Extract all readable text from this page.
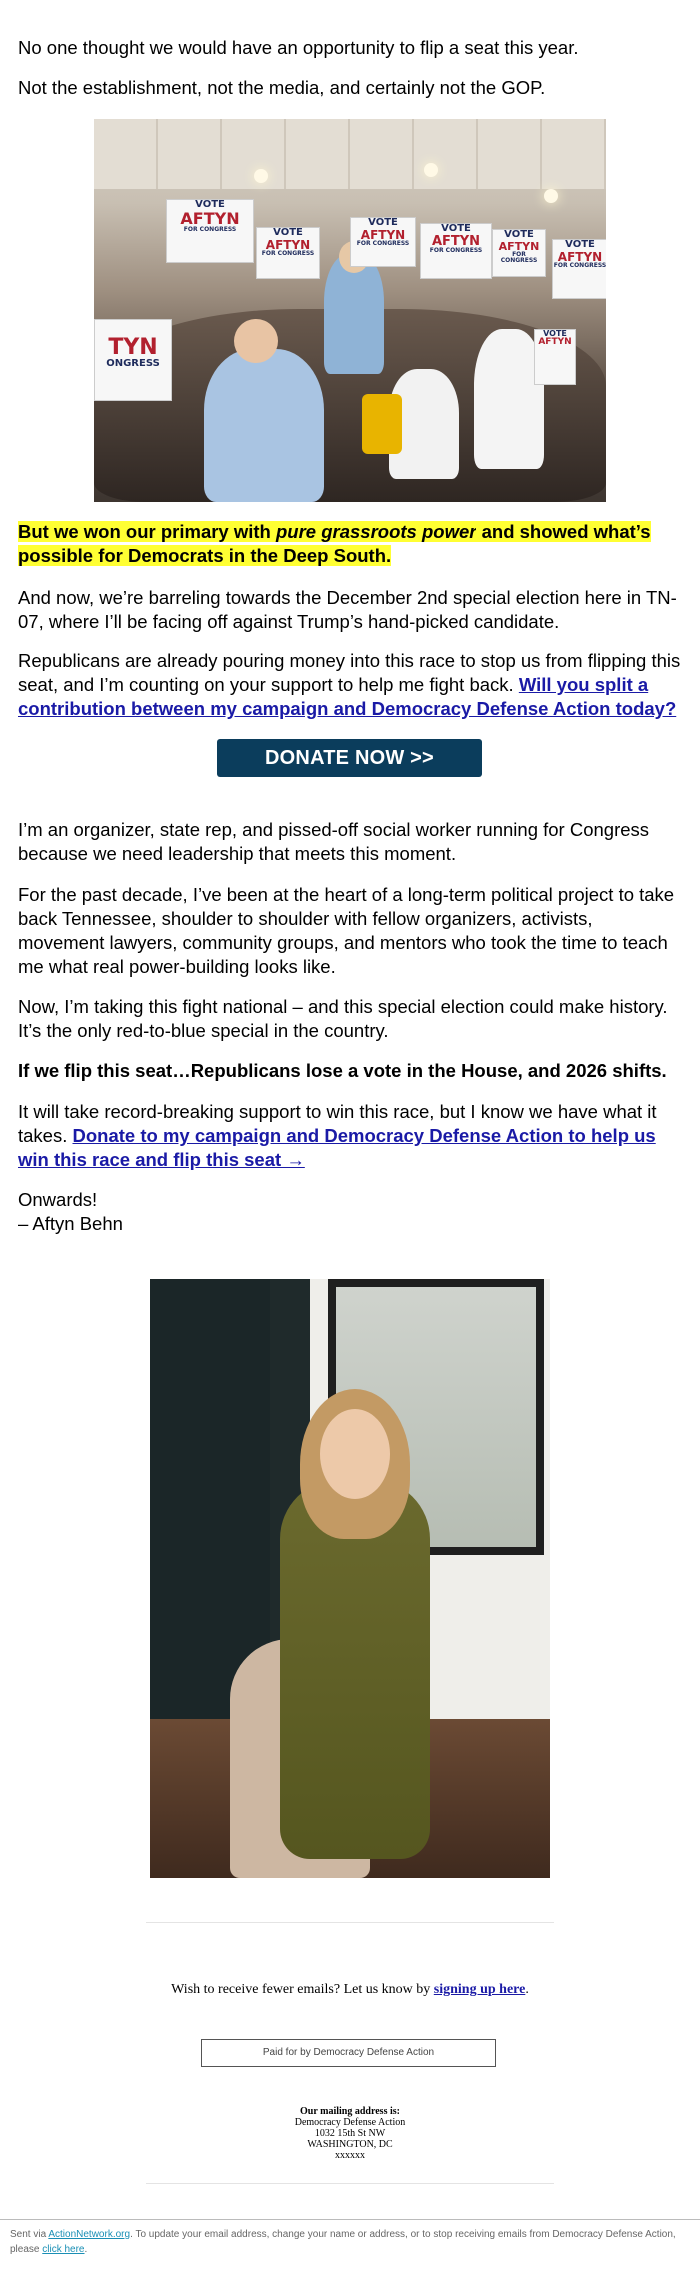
No one thought we would have an opportunity to flip a seat this year.

Not the establishment, not the media, and certainly not the GOP.

VOTE
AFTYN
FOR CONGRESS	VOTE
AFTYN
FOR CONGRESS
VOTE
AFTYN
FOR CONGRESS
VOTE
AFTYN
FOR CONGRESS
VOTE
AFTYN
FOR CONGRESS
VOTE
AFTYN
FOR CONGRESS
TYN
ONGRESS
VOTE
AFTYN

But we won our primary with pure grassroots power and showed what’s possible for Democrats in the Deep South.

And now, we’re barreling towards the December 2nd special election here in TN-07, where I’ll be facing off against Trump’s hand-picked candidate.

Republicans are already pouring money into this race to stop us from flipping this seat, and I’m counting on your support to help me fight back. Will you split a contribution between my campaign and Democracy Defense Action today?

DONATE NOW >>

I’m an organizer, state rep, and pissed-off social worker running for Congress because we need leadership that meets this moment.

For the past decade, I’ve been at the heart of a long-term political project to take back Tennessee, shoulder to shoulder with fellow organizers, activists, movement lawyers, community groups, and mentors who took the time to teach me what real power-building looks like.

Now, I’m taking this fight national – and this special election could make history. It’s the only red-to-blue special in the country.

If we flip this seat…Republicans lose a vote in the House, and 2026 shifts.

It will take record-breaking support to win this race, but I know we have what it takes. Donate to my campaign and Democracy Defense Action to help us win this race and flip this seat →

Onwards!

– Aftyn Behn

Wish to receive fewer emails? Let us know by signing up here.
Paid for by Democracy Defense Action
Our mailing address is:
Democracy Defense Action
1032 15th St NW
WASHINGTON, DC
xxxxxx
Sent via ActionNetwork.org. To update your email address, change your name or address, or to stop receiving emails from Democracy Defense Action, please click here.
